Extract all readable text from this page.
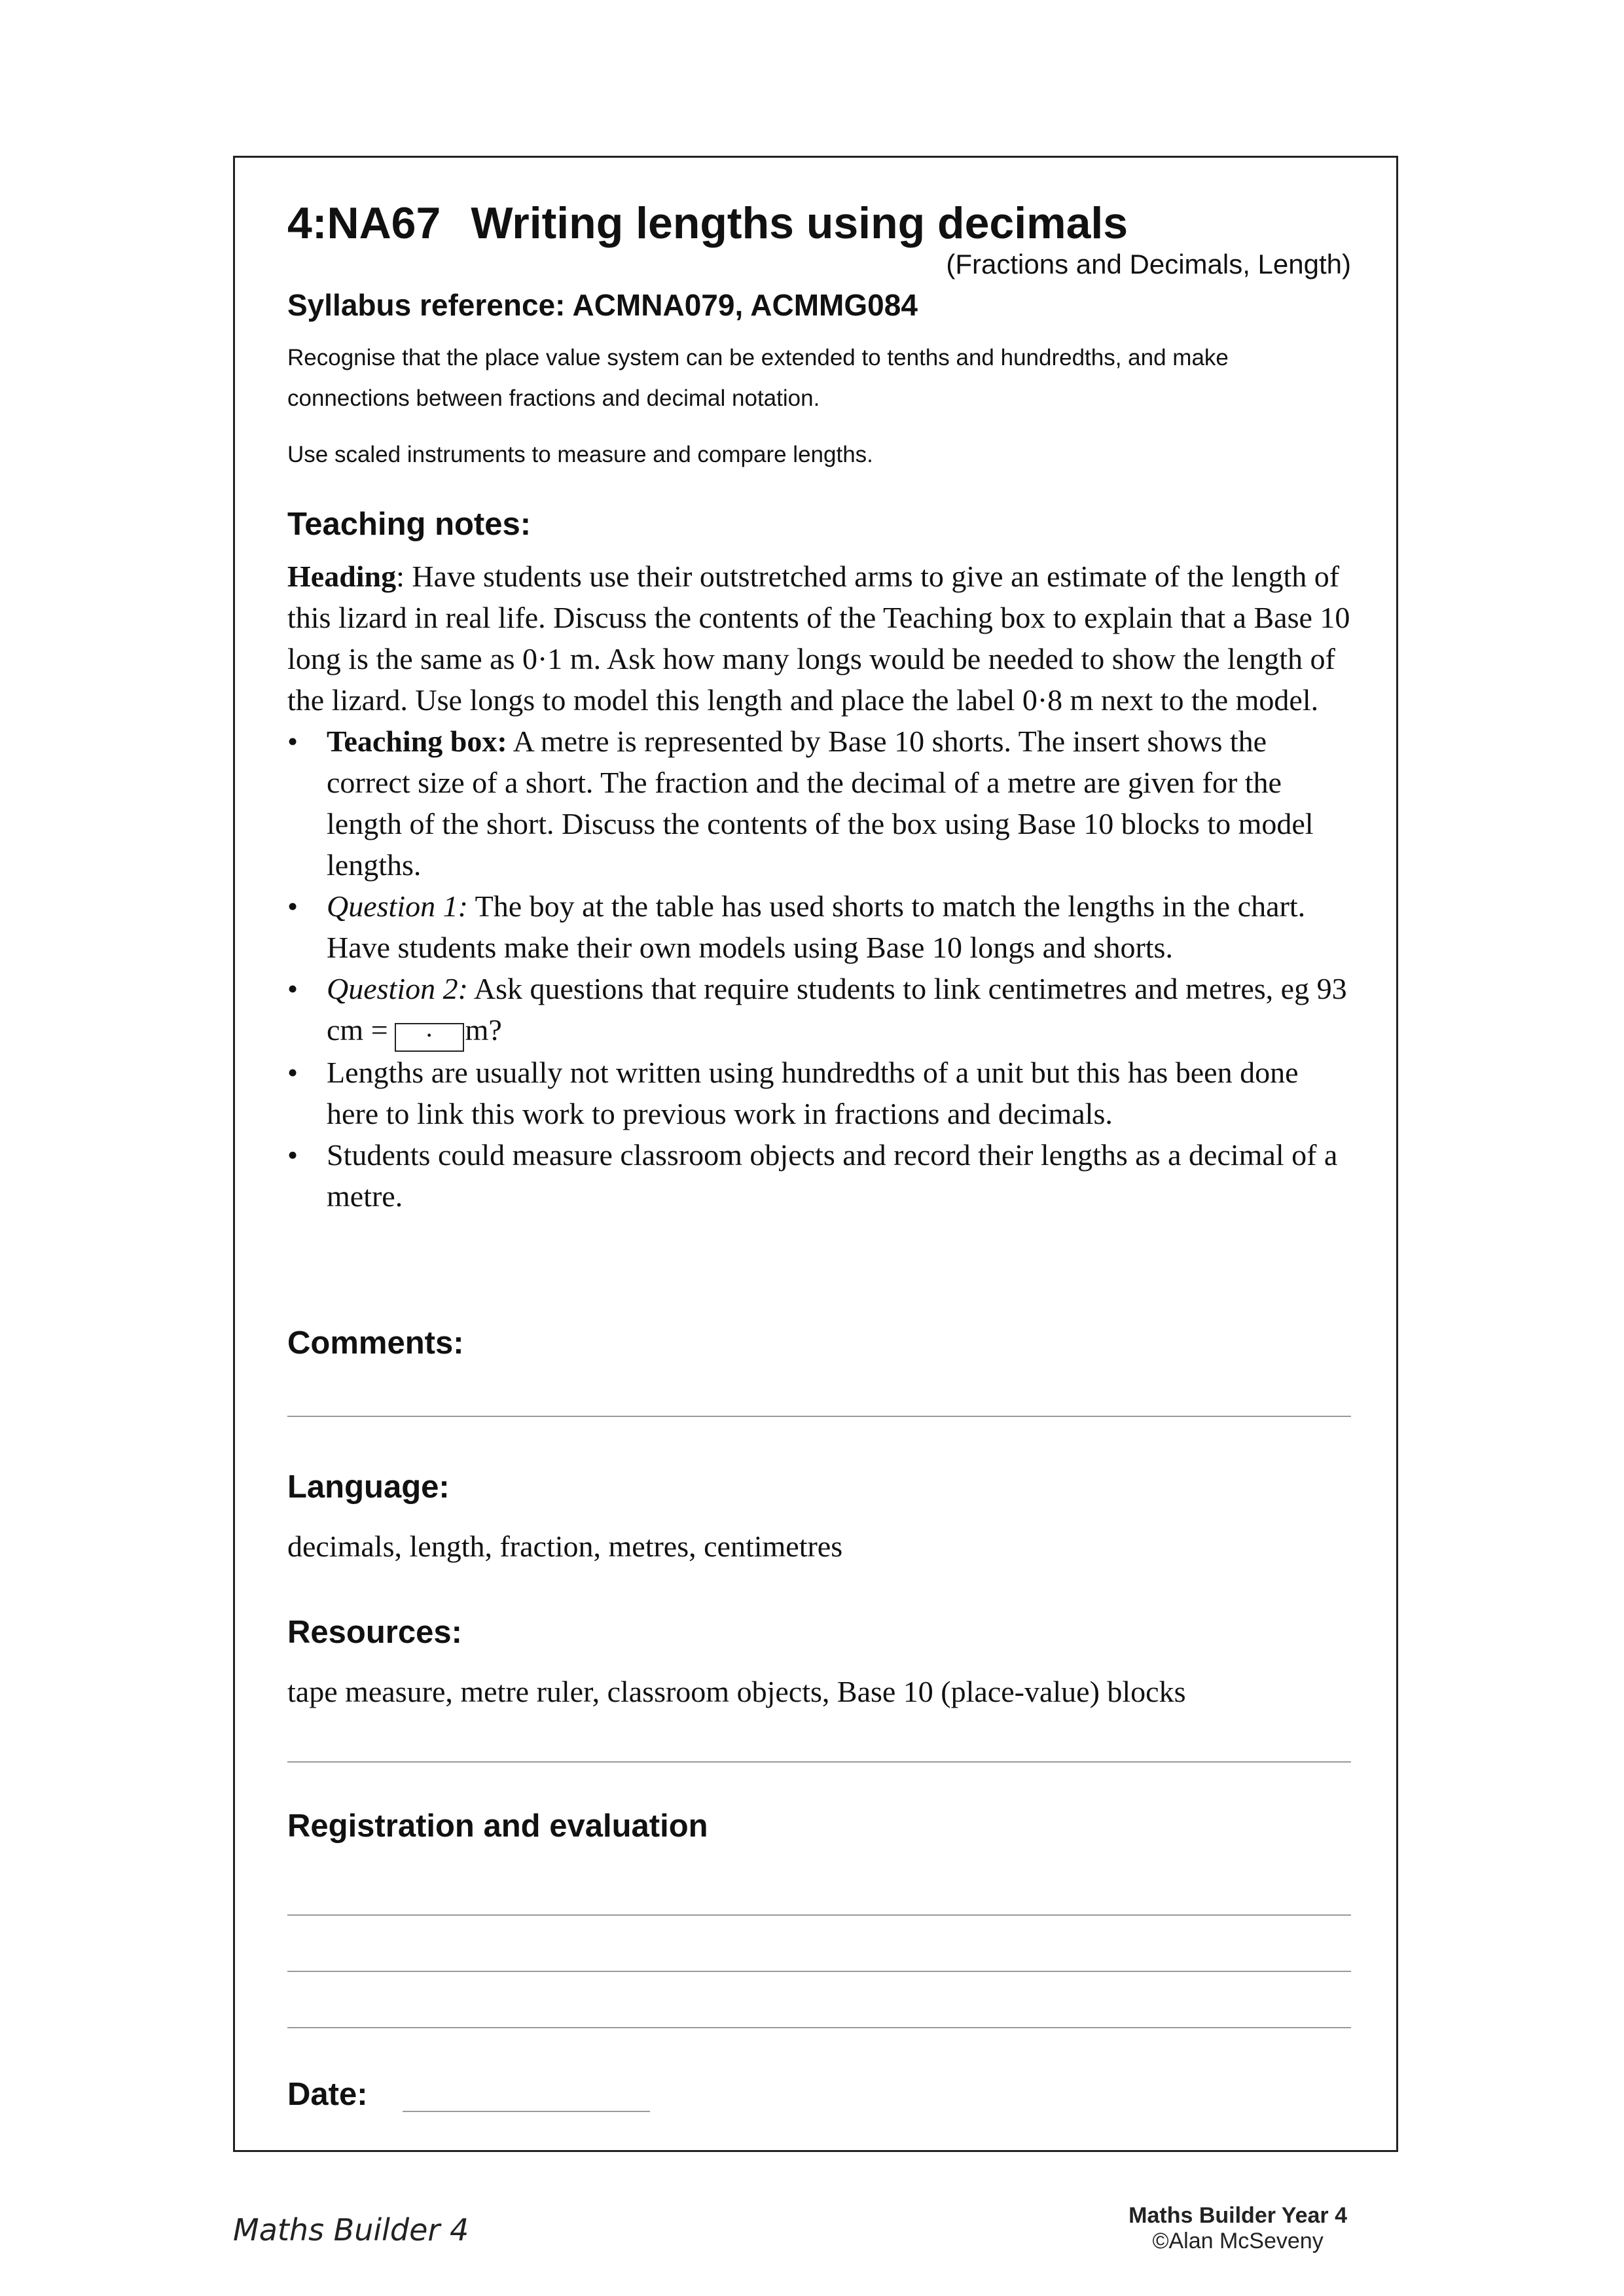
4:NA67 Writing lengths using decimals
(Fractions and Decimals, Length)
Syllabus reference: ACMNA079, ACMMG084
Recognise that the place value system can be extended to tenths and hundredths, and make connections between fractions and decimal notation.
Use scaled instruments to measure and compare lengths.
Teaching notes:
Heading: Have students use their outstretched arms to give an estimate of the length of this lizard in real life. Discuss the contents of the Teaching box to explain that a Base 10 long is the same as 0·1 m. Ask how many longs would be needed to show the length of the lizard. Use longs to model this length and place the label 0·8 m next to the model.
• Teaching box: A metre is represented by Base 10 shorts. The insert shows the correct size of a short. The fraction and the decimal of a metre are given for the length of the short. Discuss the contents of the box using Base 10 blocks to model lengths.
• Question 1: The boy at the table has used shorts to match the lengths in the chart. Have students make their own models using Base 10 longs and shorts.
• Question 2: Ask questions that require students to link centimetres and metres, eg 93 cm = · m?
• Lengths are usually not written using hundredths of a unit but this has been done here to link this work to previous work in fractions and decimals.
• Students could measure classroom objects and record their lengths as a decimal of a metre.
Comments:
Language:
decimals, length, fraction, metres, centimetres
Resources:
tape measure, metre ruler, classroom objects, Base 10 (place-value) blocks
Registration and evaluation
Date:
Maths Builder 4	Maths Builder Year 4
©Alan McSeveny
